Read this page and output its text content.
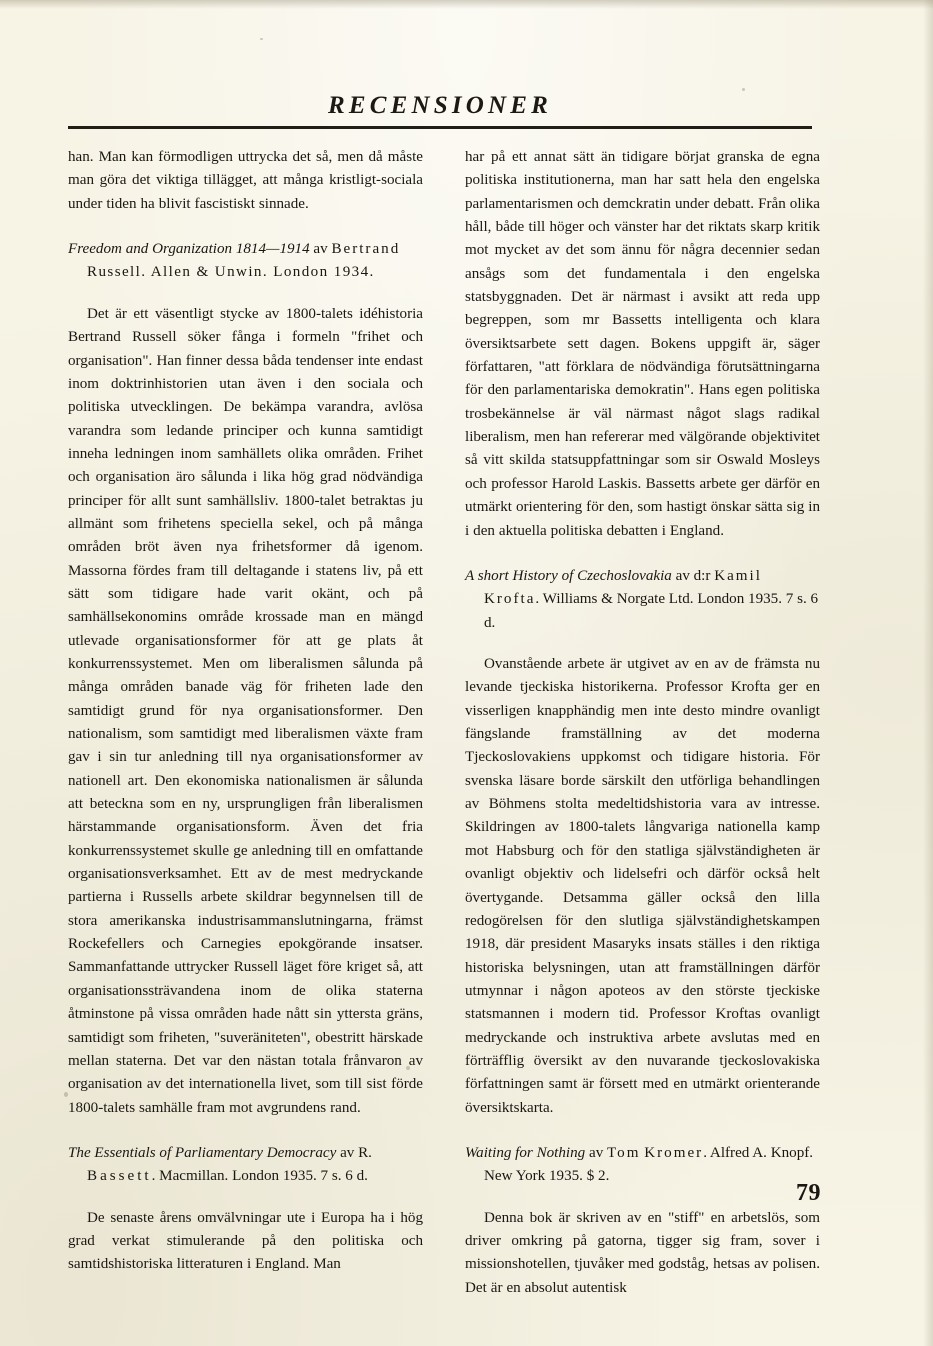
RECENSIONER

han. Man kan förmodligen uttrycka det så, men då måste man göra det viktiga tillägget, att många kristligt-sociala under tiden ha blivit fascistiskt sinnade.

Freedom and Organization 1814—1914 av Bertrand Russell. Allen & Unwin. London 1934.

Det är ett väsentligt stycke av 1800-talets idéhistoria Bertrand Russell söker fånga i formeln "frihet och organisation". Han finner dessa båda tendenser inte endast inom doktrinhistorien utan även i den sociala och politiska utvecklingen. De bekämpa varandra, avlösa varandra som ledande principer och kunna samtidigt inneha ledningen inom samhällets olika områden. Frihet och organisation äro sålunda i lika hög grad nödvändiga principer för allt sunt samhällsliv. 1800-talet betraktas ju allmänt som frihetens speciella sekel, och på många områden bröt även nya frihetsformer då igenom. Massorna fördes fram till deltagande i statens liv, på ett sätt som tidigare hade varit okänt, och på samhällsekonomins område krossade man en mängd utlevade organisationsformer för att ge plats åt konkurrenssystemet. Men om liberalismen sålunda på många områden banade väg för friheten lade den samtidigt grund för nya organisationsformer. Den nationalism, som samtidigt med liberalismen växte fram gav i sin tur anledning till nya organisationsformer av nationell art. Den ekonomiska nationalismen är sålunda att beteckna som en ny, ursprungligen från liberalismen härstammande organisationsform. Även det fria konkurrenssystemet skulle ge anledning till en omfattande organisationsverksamhet. Ett av de mest medryckande partierna i Russells arbete skildrar begynnelsen till de stora amerikanska industrisammanslutningarna, främst Rockefellers och Carnegies epokgörande insatser. Sammanfattande uttrycker Russell läget före kriget så, att organisationssträvandena inom de olika staterna åtminstone på vissa områden hade nått sin yttersta gräns, samtidigt som friheten, "suveräniteten", obestritt härskade mellan staterna. Det var den nästan totala frånvaron av organisation av det internationella livet, som till sist förde 1800-talets samhälle fram mot avgrundens rand.

The Essentials of Parliamentary Democracy av R. Bassett. Macmillan. London 1935. 7 s. 6 d.

De senaste årens omvälvningar ute i Europa ha i hög grad verkat stimulerande på den politiska och samtidshistoriska litteraturen i England. Man

har på ett annat sätt än tidigare börjat granska de egna politiska institutionerna, man har satt hela den engelska parlamentarismen och demckratin under debatt. Från olika håll, både till höger och vänster har det riktats skarp kritik mot mycket av det som ännu för några decennier sedan ansågs som det fundamentala i den engelska statsbyggnaden. Det är närmast i avsikt att reda upp begreppen, som mr Bassetts intelligenta och klara översiktsarbete sett dagen. Bokens uppgift är, säger författaren, "att förklara de nödvändiga förutsättningarna för den parlamentariska demokratin". Hans egen politiska trosbekännelse är väl närmast något slags radikal liberalism, men han refererar med välgörande objektivitet så vitt skilda statsuppfattningar som sir Oswald Mosleys och professor Harold Laskis. Bassetts arbete ger därför en utmärkt orientering för den, som hastigt önskar sätta sig in i den aktuella politiska debatten i England.

A short History of Czechoslovakia av d:r Kamil Krofta. Williams & Norgate Ltd. London 1935. 7 s. 6 d.

Ovanstående arbete är utgivet av en av de främsta nu levande tjeckiska historikerna. Professor Krofta ger en visserligen knapphändig men inte desto mindre ovanligt fängslande framställning av det moderna Tjeckoslovakiens uppkomst och tidigare historia. För svenska läsare borde särskilt den utförliga behandlingen av Böhmens stolta medeltidshistoria vara av intresse. Skildringen av 1800-talets långvariga nationella kamp mot Habsburg och för den statliga självständigheten är ovanligt objektiv och lidelsefri och därför också helt övertygande. Detsamma gäller också den lilla redogörelsen för den slutliga självständighetskampen 1918, där president Masaryks insats ställes i den riktiga historiska belysningen, utan att framställningen därför utmynnar i någon apoteos av den störste tjeckiske statsmannen i modern tid. Professor Kroftas ovanligt medryckande och instruktiva arbete avslutas med en förträfflig översikt av den nuvarande tjeckoslovakiska författningen samt är försett med en utmärkt orienterande översiktskarta.

Waiting for Nothing av Tom Kromer. Alfred A. Knopf. New York 1935. $ 2.

Denna bok är skriven av en "stiff" en arbetslös, som driver omkring på gatorna, tigger sig fram, sover i missionshotellen, tjuvåker med godståg, hetsas av polisen. Det är en absolut autentisk

79
